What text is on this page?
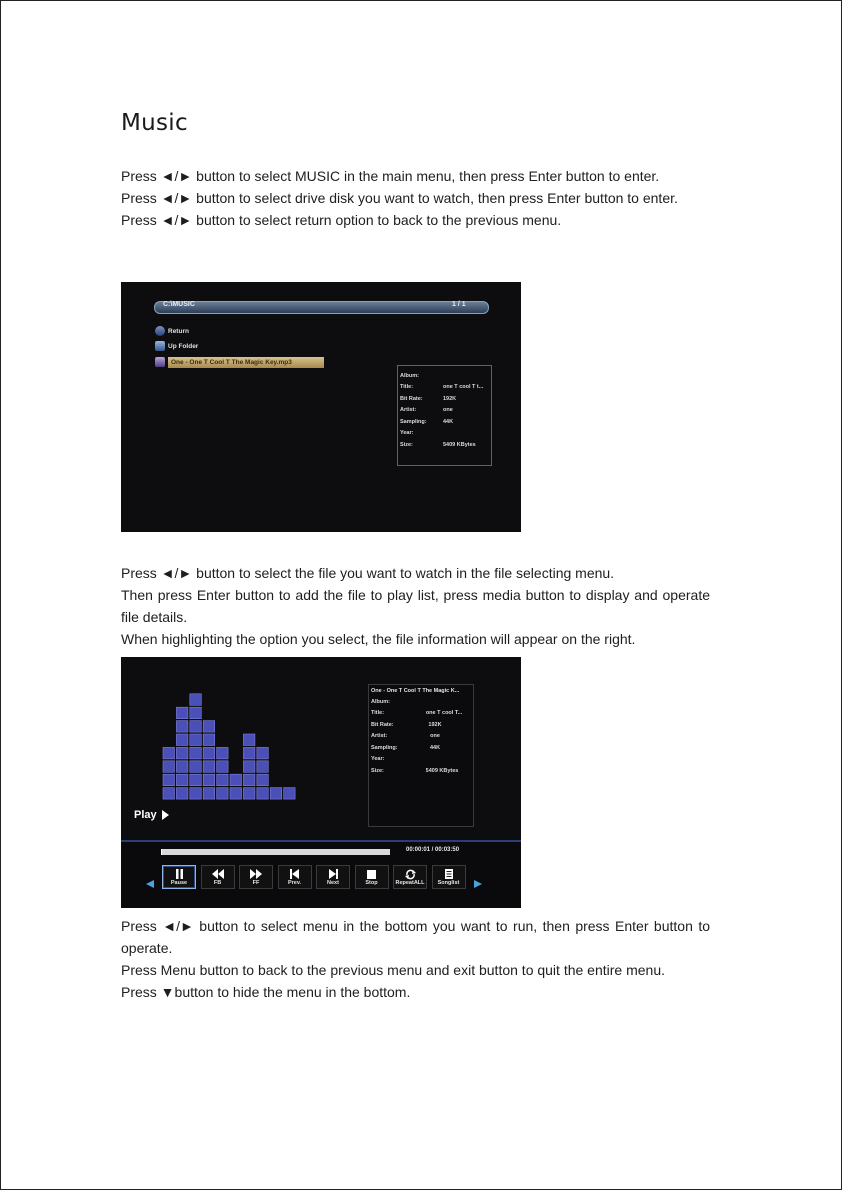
Music

Press ◄/► button to select MUSIC in the main menu, then press Enter button to enter.

Press ◄/► button to select drive disk you want to watch, then press Enter button to enter.

Press ◄/► button to select return option to back to the previous menu.

C:\MUSIC	1 / 1
Return
Up Folder
One - One T Cool T The Magic Key.mp3
Album:
Title:	one T cool T t...
Bit Rate:	192K
Artist:	one
Sampling:	44K
Year:
Size:	5409 KBytes

Press ◄/► button to select the file you want to watch in the file selecting menu.

Then press Enter button to add the file to play list, press media button to display and operate file details.

When highlighting the option you select, the file information will appear on the right.

One - One T Cool T The Magic K...
Album:
Title:	one T cool T...
Bit Rate:	192K
Artist:	one
Sampling:	44K
Year:
Size:	5409 KBytes
Play
00:00:01 / 00:03:50
Pause	FB	FF	Prev.	Next	Stop	RepeatALL Songlist

Press ◄/► button to select menu in the bottom you want to run, then press Enter button to operate.

Press Menu button to back to the previous menu and exit button to quit the entire menu.

Press ▼button to hide the menu in the bottom.
